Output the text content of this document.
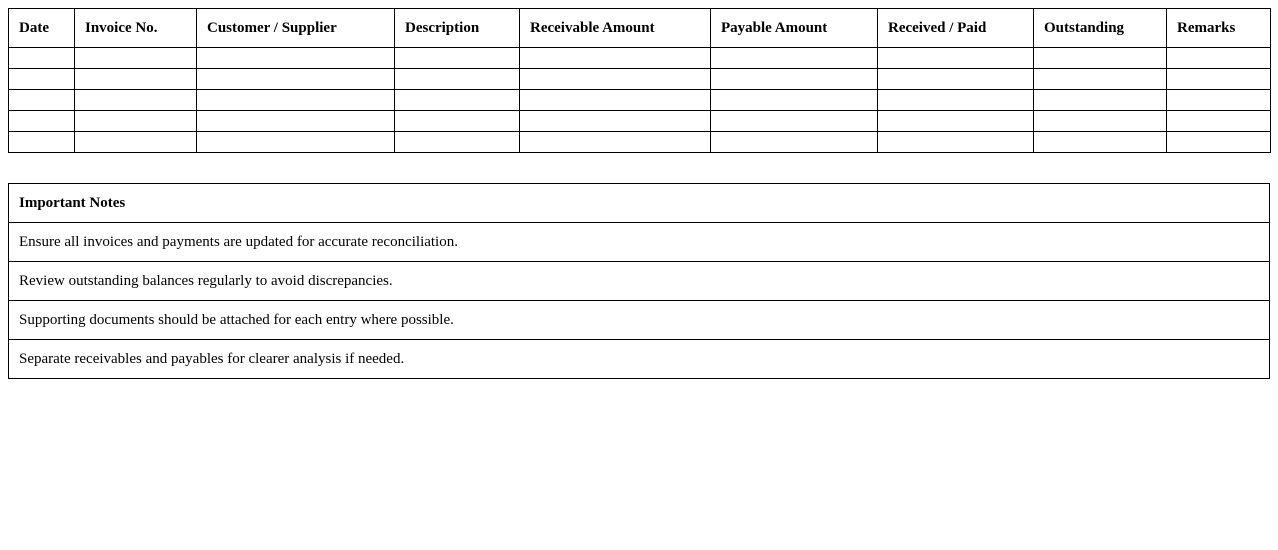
Date	Invoice No.	Customer / Supplier	Description	Receivable Amount	Payable Amount	Received / Paid	Outstanding	Remarks

Important Notes
Ensure all invoices and payments are updated for accurate reconciliation.
Review outstanding balances regularly to avoid discrepancies.
Supporting documents should be attached for each entry where possible.
Separate receivables and payables for clearer analysis if needed.
